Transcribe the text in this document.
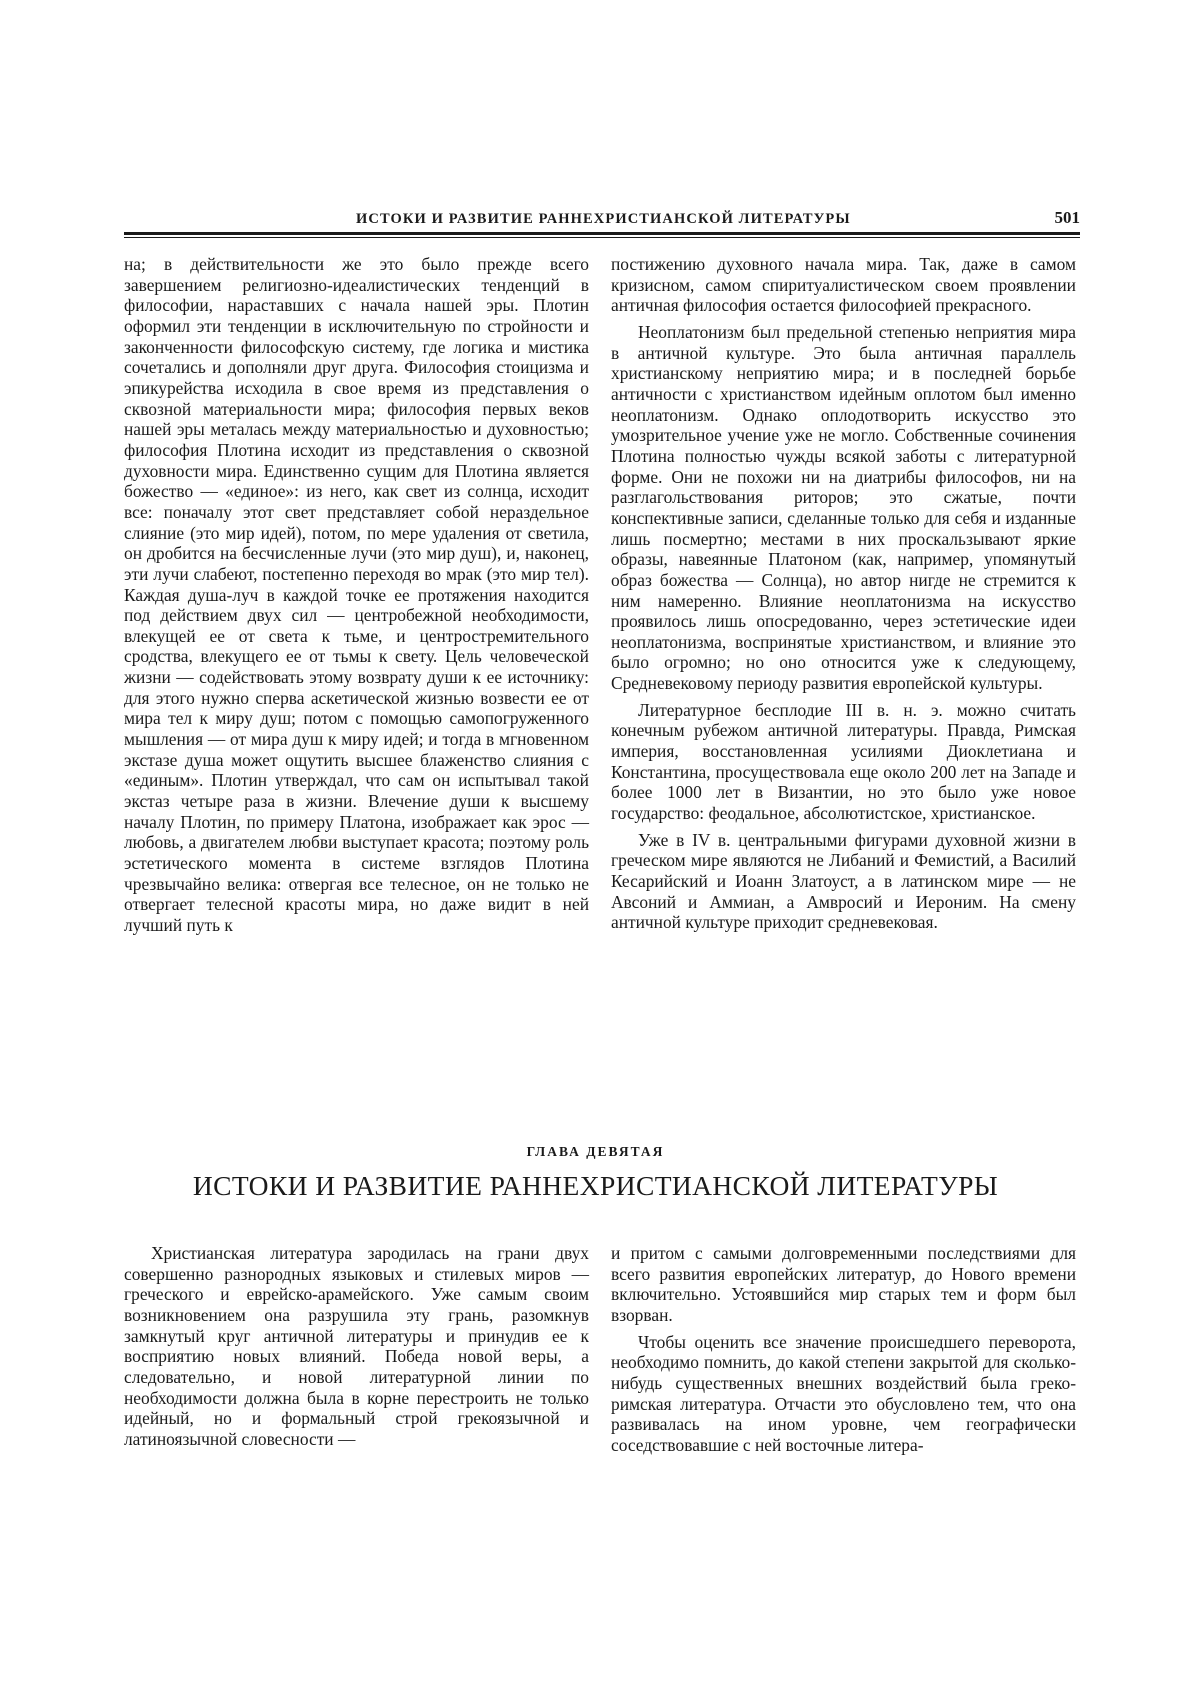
ИСТОКИ И РАЗВИТИЕ РАННЕХРИСТИАНСКОЙ ЛИТЕРАТУРЫ	501

на; в действительности же это было прежде всего завершением религиозно-идеалистических тенденций в философии, нараставших с начала нашей эры. Плотин оформил эти тенденции в исключительную по стройности и законченности философскую систему, где логика и мистика сочетались и дополняли друг друга. Философия стоицизма и эпикурейства исходила в свое время из представления о сквозной материальности мира; философия первых веков нашей эры металась между материальностью и духовностью; философия Плотина исходит из представления о сквозной духовности мира. Единственно сущим для Плотина является божество — «единое»: из него, как свет из солнца, исходит все: поначалу этот свет представляет собой нераздельное слияние (это мир идей), потом, по мере удаления от светила, он дробится на бесчисленные лучи (это мир душ), и, наконец, эти лучи слабеют, постепенно переходя во мрак (это мир тел). Каждая душа-луч в каждой точке ее протяжения находится под действием двух сил — центробежной необходимости, влекущей ее от света к тьме, и центростремительного сродства, влекущего ее от тьмы к свету. Цель человеческой жизни — содействовать этому возврату души к ее источнику: для этого нужно сперва аскетической жизнью возвести ее от мира тел к миру душ; потом с помощью самопогруженного мышления — от мира душ к миру идей; и тогда в мгновенном экстазе душа может ощутить высшее блаженство слияния с «единым». Плотин утверждал, что сам он испытывал такой экстаз четыре раза в жизни. Влечение души к высшему началу Плотин, по примеру Платона, изображает как эрос — любовь, а двигателем любви выступает красота; поэтому роль эстетического момента в системе взглядов Плотина чрезвычайно велика: отвергая все телесное, он не только не отвергает телесной красоты мира, но даже видит в ней лучший путь к

постижению духовного начала мира. Так, даже в самом кризисном, самом спиритуалистическом своем проявлении античная философия остается философией прекрасного.

Неоплатонизм был предельной степенью неприятия мира в античной культуре. Это была античная параллель христианскому неприятию мира; и в последней борьбе античности с христианством идейным оплотом был именно неоплатонизм. Однако оплодотворить искусство это умозрительное учение уже не могло. Собственные сочинения Плотина полностью чужды всякой заботы с литературной форме. Они не похожи ни на диатрибы философов, ни на разглагольствования риторов; это сжатые, почти конспективные записи, сделанные только для себя и изданные лишь посмертно; местами в них проскальзывают яркие образы, навеянные Платоном (как, например, упомянутый образ божества — Солнца), но автор нигде не стремится к ним намеренно. Влияние неоплатонизма на искусство проявилось лишь опосредованно, через эстетические идеи неоплатонизма, воспринятые христианством, и влияние это было огромно; но оно относится уже к следующему, Средневековому периоду развития европейской культуры.

Литературное бесплодие III в. н. э. можно считать конечным рубежом античной литературы. Правда, Римская империя, восстановленная усилиями Диоклетиана и Константина, просуществовала еще около 200 лет на Западе и более 1000 лет в Византии, но это было уже новое государство: феодальное, абсолютистское, христианское.

Уже в IV в. центральными фигурами духовной жизни в греческом мире являются не Либаний и Фемистий, а Василий Кесарийский и Иоанн Златоуст, а в латинском мире — не Авсоний и Аммиан, а Амвросий и Иероним. На смену античной культуре приходит средневековая.

ГЛАВА ДЕВЯТАЯ
ИСТОКИ И РАЗВИТИЕ РАННЕХРИСТИАНСКОЙ ЛИТЕРАТУРЫ

Христианская литература зародилась на грани двух совершенно разнородных языковых и стилевых миров — греческого и еврейско-арамейского. Уже самым своим возникновением она разрушила эту грань, разомкнув замкнутый круг античной литературы и принудив ее к восприятию новых влияний. Победа новой веры, а следовательно, и новой литературной линии по необходимости должна была в корне перестроить не только идейный, но и формальный строй грекоязычной и латиноязычной словесности —

и притом с самыми долговременными последствиями для всего развития европейских литератур, до Нового времени включительно. Устоявшийся мир старых тем и форм был взорван.

Чтобы оценить все значение происшедшего переворота, необходимо помнить, до какой степени закрытой для сколько-нибудь существенных внешних воздействий была греко-римская литература. Отчасти это обусловлено тем, что она развивалась на ином уровне, чем географически соседствовавшие с ней восточные литера-
